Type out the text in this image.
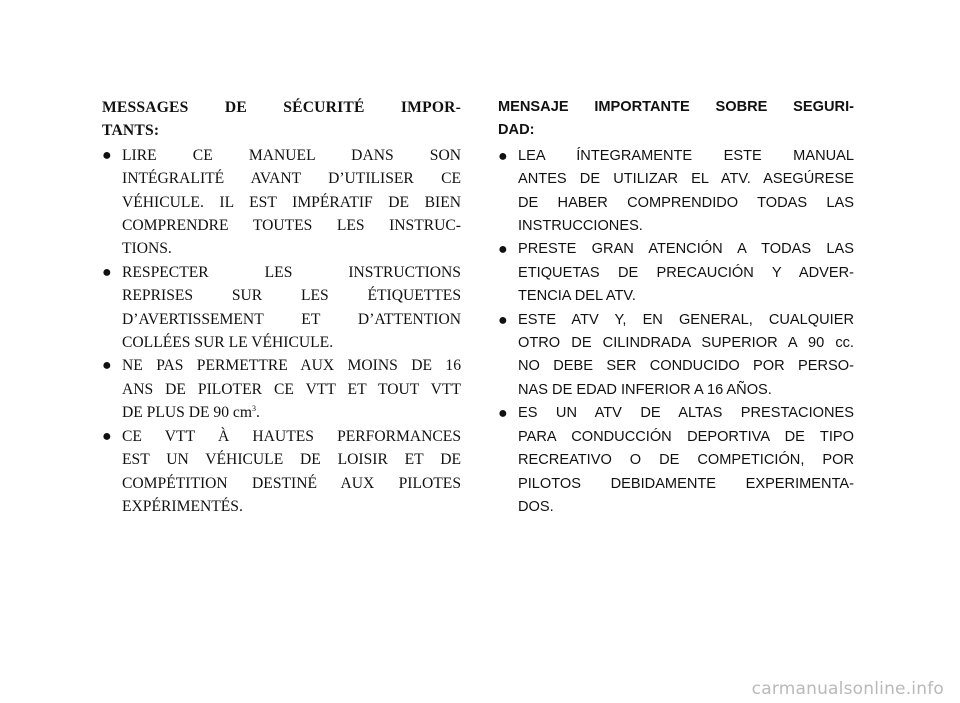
MESSAGES DE SÉCURITÉ IMPOR-
TANTS:
● LIRE CE MANUEL DANS SON
INTÉGRALITÉ AVANT D’UTILISER CE
VÉHICULE. IL EST IMPÉRATIF DE BIEN
COMPRENDRE TOUTES LES INSTRUC-
TIONS.
● RESPECTER LES INSTRUCTIONS
REPRISES SUR LES ÉTIQUETTES
D’AVERTISSEMENT ET D’ATTENTION
COLLÉES SUR LE VÉHICULE.
● NE PAS PERMETTRE AUX MOINS DE 16
ANS DE PILOTER CE VTT ET TOUT VTT
DE PLUS DE 90 $cm^3$.
● CE VTT À HAUTES PERFORMANCES
EST UN VÉHICULE DE LOISIR ET DE
COMPÉTITION DESTINÉ AUX PILOTES
EXPÉRIMENTÉS.
MENSAJE IMPORTANTE SOBRE SEGURI-
DAD:
● LEA ÍNTEGRAMENTE ESTE MANUAL
ANTES DE UTILIZAR EL ATV. ASEGÚRESE
DE HABER COMPRENDIDO TODAS LAS
INSTRUCCIONES.
● PRESTE GRAN ATENCIÓN A TODAS LAS
ETIQUETAS DE PRECAUCIÓN Y ADVER-
TENCIA DEL ATV.
● ESTE ATV Y, EN GENERAL, CUALQUIER
OTRO DE CILINDRADA SUPERIOR A 90 cc.
NO DEBE SER CONDUCIDO POR PERSO-
NAS DE EDAD INFERIOR A 16 AÑOS.
● ES UN ATV DE ALTAS PRESTACIONES
PARA CONDUCCIÓN DEPORTIVA DE TIPO
RECREATIVO O DE COMPETICIÓN, POR
PILOTOS DEBIDAMENTE EXPERIMENTA-
DOS.
carmanualsonline.info
